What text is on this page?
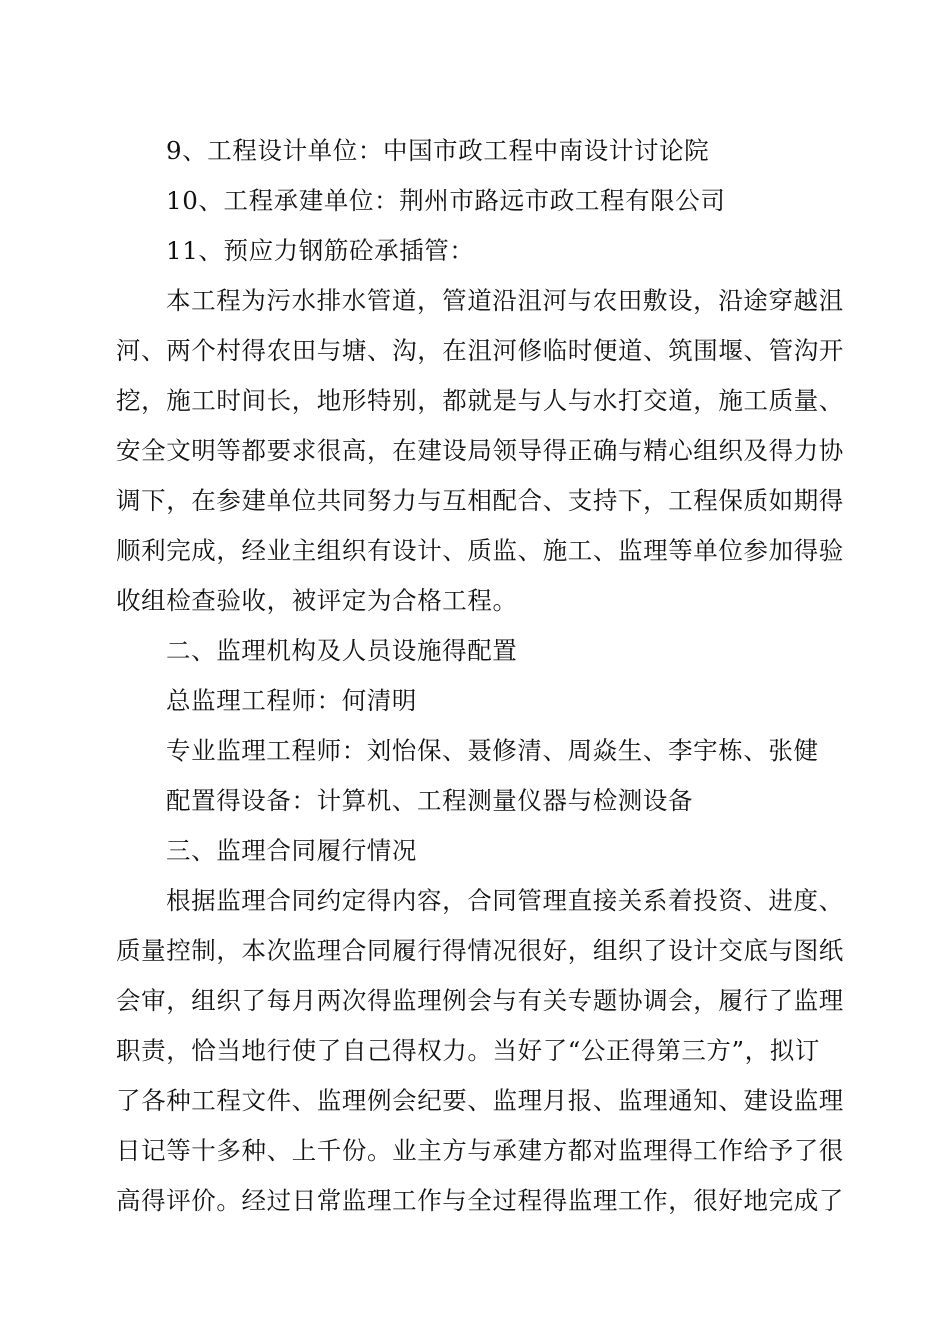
9、工程设计单位：中国市政工程中南设计讨论院
10、工程承建单位：荆州市路远市政工程有限公司
11、预应力钢筋砼承插管：
本工程为污水排水管道，管道沿沮河与农田敷设，沿途穿越沮
河、两个村得农田与塘、沟，在沮河修临时便道、筑围堰、管沟开
挖，施工时间长，地形特别，都就是与人与水打交道，施工质量、
安全文明等都要求很高，在建设局领导得正确与精心组织及得力协
调下，在参建单位共同努力与互相配合、支持下，工程保质如期得
顺利完成，经业主组织有设计、质监、施工、监理等单位参加得验
收组检查验收，被评定为合格工程。
二、监理机构及人员设施得配置
总监理工程师：何清明
专业监理工程师：刘怡保、聂修清、周焱生、李宇栋、张健
配置得设备：计算机、工程测量仪器与检测设备
三、监理合同履行情况
根据监理合同约定得内容，合同管理直接关系着投资、进度、
质量控制，本次监理合同履行得情况很好，组织了设计交底与图纸
会审，组织了每月两次得监理例会与有关专题协调会，履行了监理
职责，恰当地行使了自己得权力。当好了“公正得第三方”，拟订
了各种工程文件、监理例会纪要、监理月报、监理通知、建设监理
日记等十多种、上千份。业主方与承建方都对监理得工作给予了很
高得评价。经过日常监理工作与全过程得监理工作，很好地完成了
